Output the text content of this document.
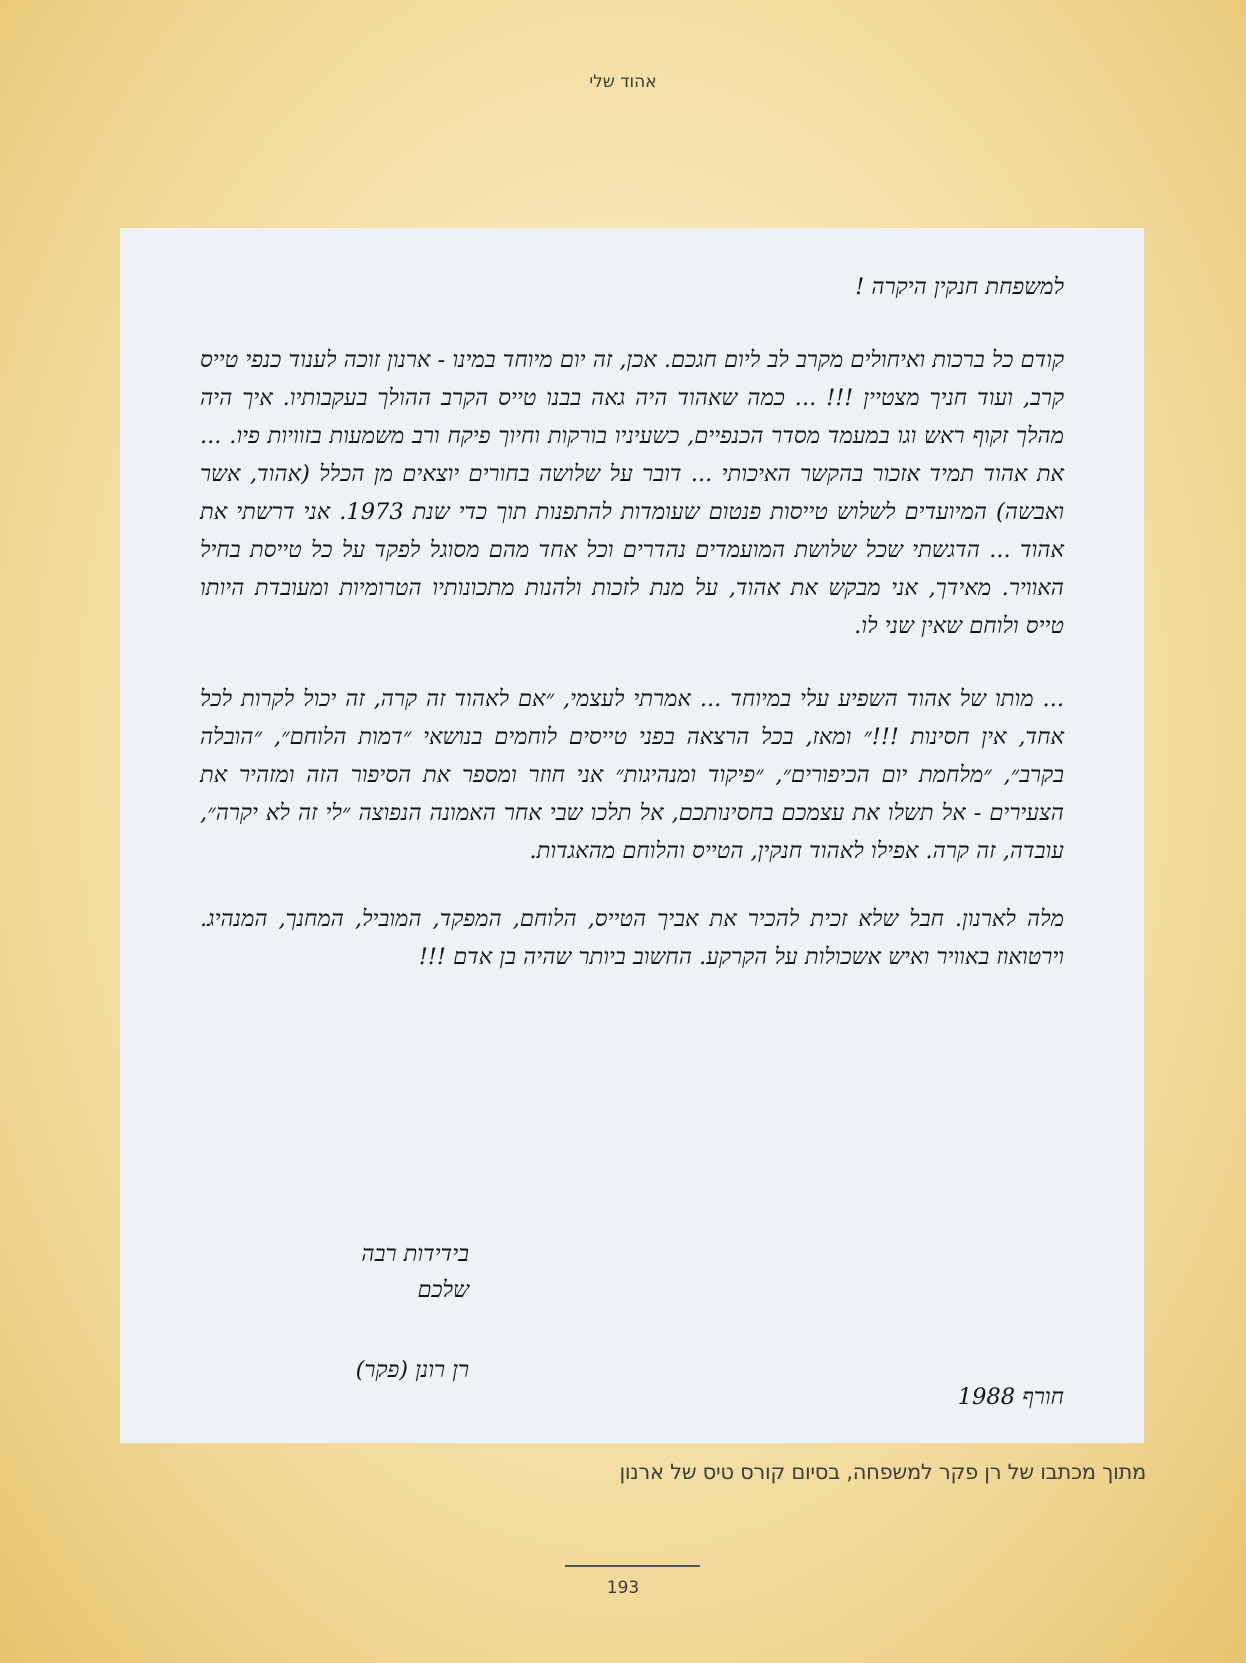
אהוד שלי

למשפחת חנקין היקרה !

קודם כל ברכות ואיחולים מקרב לב ליום חגכם. אכן, זה יום מיוחד במינו - ארנון זוכה לענוד כנפי טייס קרב, ועוד חניך מצטיין !!! ... כמה שאהוד היה גאה בבנו טייס הקרב ההולך בעקבותיו. איך היה מהלך זקוף ראש וגו במעמד מסדר הכנפיים, כשעיניו בורקות וחיוך פיקח ורב משמעות בזוויות פיו. ... את אהוד תמיד אזכור בהקשר האיכותי ... דובר על שלושה בחורים יוצאים מן הכלל (אהוד, אשר ואבשה) המיועדים לשלוש טייסות פנטום שעומדות להתפנות תוך כדי שנת 1973. אני דרשתי את אהוד ... הדגשתי שכל שלושת המועמדים נהדרים וכל אחד מהם מסוגל לפקד על כל טייסת בחיל האוויר. מאידך, אני מבקש את אהוד, על מנת לזכות ולהנות מתכונותיו הטרומיות ומעובדת היותו טייס ולוחם שאין שני לו.

... מותו של אהוד השפיע עלי במיוחד ... אמרתי לעצמי, ״אם לאהוד זה קרה, זה יכול לקרות לכל אחד, אין חסינות !!!״ ומאז, בכל הרצאה בפני טייסים לוחמים בנושאי ״דמות הלוחם״, ״הובלה בקרב״, ״מלחמת יום הכיפורים״, ״פיקוד ומנהיגות״ אני חוזר ומספר את הסיפור הזה ומזהיר את הצעירים - אל תשלו את עצמכם בחסינותכם, אל תלכו שבי אחר האמונה הנפוצה ״לי זה לא יקרה״, עובדה, זה קרה. אפילו לאהוד חנקין, הטייס והלוחם מהאגדות.

מלה לארנון. חבל שלא זכית להכיר את אביך הטייס, הלוחם, המפקד, המוביל, המחנך, המנהיג. וירטואוז באוויר ואיש אשכולות על הקרקע. החשוב ביותר שהיה בן אדם !!!

בידידות רבה
שלכם
רן רונן (פקר)
חורף 1988
מתוך מכתבו של רן פקר למשפחה, בסיום קורס טיס של ארנון
193
